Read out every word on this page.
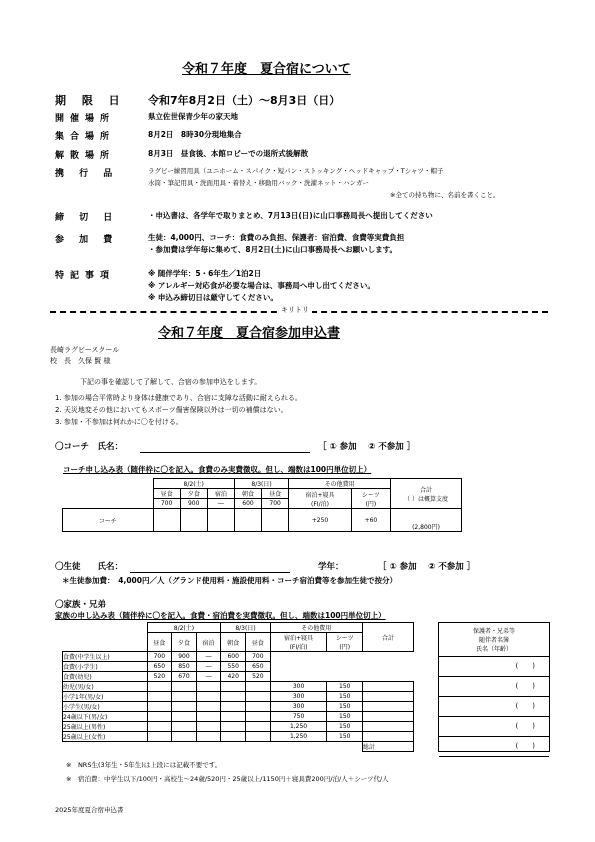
令和７年度　夏合宿について
期 限 日 令和7年8月2日（土）～8月3日（日）
開催場所	県立佐世保青少年の家天地
集合場所	8月2日　8時30分現地集合
解散場所	8月3日　昼食後、本館ロビーでの退所式後解散
携 行 品	ラグビー練習用具（ユニホーム・スパイク・短パン・ストッキング・ヘッドキャップ・Tシャツ・帽子
水筒・筆記用具・洗面用具・着替え・移動用バック・洗濯ネット・ハンガー
※全ての持ち物に、名前を書くこと。
締 切 日	・申込書は、各学年で取りまとめ、7月13日(日)に山口事務局長へ提出してください
参 加 費	生徒：4,000円、コーチ：食費のみ負担、保護者：宿泊費、食費等実費負担
・参加費は学年毎に集めて、8月2日(土)に山口事務局長へお願いします。
特記事項	※ 随伴学年：5・6年生／1泊2日
※ アレルギー対応食が必要な場合は、事務局へ申し出てください。
※ 申込み締切日は厳守してください。
キリトリ
令和７年度　夏合宿参加申込書
長崎ラグビースクール
校　長　久保 賢 様
下記の事を確認して了解して、合宿の参加申込をします。
1. 参加の場合平常時より身体は健康であり、合宿に支障な活動に耐えられる。
2. 天災地変その他においてもスポーツ傷害保険以外は一切の補償はない。
3. 参加・不参加は何れかに〇を付ける。
〇コーチ　氏名：	［ ① 参加　 ② 不参加 ］
コーチ申し込み表（随伴枠に〇を記入。食費のみ実費徴収。但し、端数は100円単位切上）
	8/2(土)			8/3(日)		その他費用		合計
（ ）は概算支度
	昼食	夕食	宿泊	朝食	昼食	宿泊+寝具
(FI/泊)	シーツ
(円)	
	700	900	―	600	700			
コーチ						+250	+60	(2,800円)
〇生徒　　氏名：	学年：	［ ① 参加　 ② 不参加 ］
＊生徒参加費：　4,000円／人（グランド使用料・施設使用料・コーチ宿泊費等を参加生徒で按分）
〇家族・兄弟
家族の申し込み表（随伴枠に〇を記入。食費・宿泊費を実費徴収。但し、端数は100円単位切上）
	8/2(土)			8/3(日)		その他費用		合計
	昼食	夕食	宿泊	朝食	昼食	宿泊+寝具
(FI/泊)	シーツ
(円)	
食費(中学生以上)	700	900	―	600	700			
食費(小学生)	650	850	―	550	650			
食費(幼児)	520	670	―	420	520			
幼児(男/女)						300	150	
小学1年(男/女)						300	150	
小学生(男/女)						300	150	
24歳以下(男/女)						750	150	
25歳以上(男性)						1,250	150	
25歳以上(女性)						1,250	150	
								総計
保護者・兄弟等
随伴者名簿
氏名（年齢）
(　　)
(　　)
(　　)
(　　)
(　　)
※　NRS生(3年生・5年生)は上段には記載不要です。
※　宿泊費：中学生以下/100円・高校生～24歳/520円・25歳以上/1150円＋寝具費200円/泊/人＋シーツ代/人
2025年度夏合宿申込書
